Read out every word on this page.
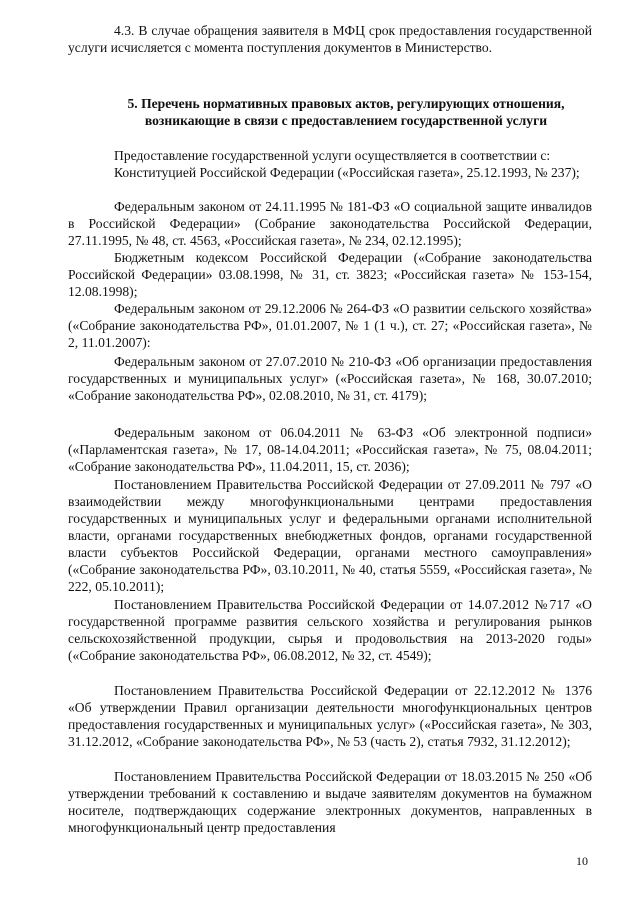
4.3. В случае обращения заявителя в МФЦ срок предоставления государственной услуги исчисляется с момента поступления документов в Министерство.

5. Перечень нормативных правовых актов, регулирующих отношения, возникающие в связи с предоставлением государственной услуги

Предоставление государственной услуги осуществляется в соответствии с:

Конституцией Российской Федерации («Российская газета», 25.12.1993, № 237);

Федеральным законом от 24.11.1995 № 181-ФЗ «О социальной защите инвалидов в Российской Федерации» (Собрание законодательства Российской Федерации, 27.11.1995, № 48, ст. 4563, «Российская газета», № 234, 02.12.1995);

Бюджетным кодексом Российской Федерации («Собрание законодательства Российской Федерации» 03.08.1998, № 31, ст. 3823; «Российская газета» № 153-154, 12.08.1998);

Федеральным законом от 29.12.2006 № 264-ФЗ «О развитии сельского хозяйства» («Собрание законодательства РФ», 01.01.2007, № 1 (1 ч.), ст. 27; «Российская газета», № 2, 11.01.2007):

Федеральным законом от 27.07.2010 № 210-ФЗ «Об организации предоставления государственных и муниципальных услуг» («Российская газета», № 168, 30.07.2010; «Собрание законодательства РФ», 02.08.2010, № 31, ст. 4179);

Федеральным законом от 06.04.2011 № 63-ФЗ «Об электронной подписи» («Парламентская газета», № 17, 08-14.04.2011; «Российская газета», № 75, 08.04.2011; «Собрание законодательства РФ», 11.04.2011, 15, ст. 2036);

Постановлением Правительства Российской Федерации от 27.09.2011 № 797 «О взаимодействии между многофункциональными центрами предоставления государственных и муниципальных услуг и федеральными органами исполнительной власти, органами государственных внебюджетных фондов, органами государственной власти субъектов Российской Федерации, органами местного самоуправления» («Собрание законодательства РФ», 03.10.2011, № 40, статья 5559, «Российская газета», № 222, 05.10.2011);

Постановлением Правительства Российской Федерации от 14.07.2012 №717 «О государственной программе развития сельского хозяйства и регулирования рынков сельскохозяйственной продукции, сырья и продовольствия на 2013-2020 годы» («Собрание законодательства РФ», 06.08.2012, № 32, ст. 4549);

Постановлением Правительства Российской Федерации от 22.12.2012 № 1376 «Об утверждении Правил организации деятельности многофункциональных центров предоставления государственных и муниципальных услуг» («Российская газета», № 303, 31.12.2012, «Собрание законодательства РФ», № 53 (часть 2), статья 7932, 31.12.2012);

Постановлением Правительства Российской Федерации от 18.03.2015 № 250 «Об утверждении требований к составлению и выдаче заявителям документов на бумажном носителе, подтверждающих содержание электронных документов, направленных в многофункциональный центр предоставления

10
